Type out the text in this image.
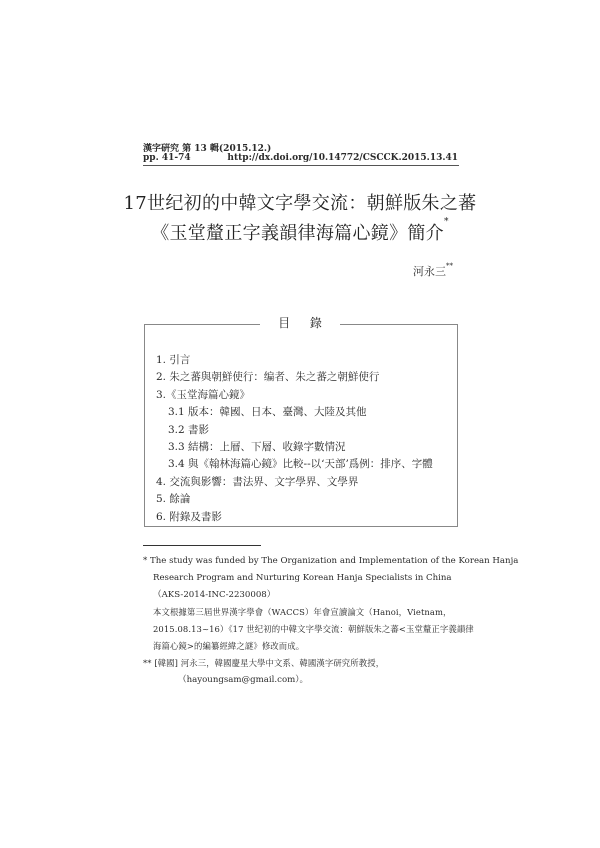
漢字硏究 第 13 輯(2015.12.)
pp. 41-74	http://dx.doi.org/10.14772/CSCCK.2015.13.41
17世纪初的中韓文字學交流：朝鮮版朱之蕃
《玉堂釐正字義韻律海篇心鏡》簡介*
河永三**
目 錄
1. 引言
2. 朱之蕃與朝鮮使行：编者、朱之蕃之朝鮮使行
3.《玉堂海篇心鏡》
3.1 版本：韓國、日本、臺灣、大陸及其他
3.2 書影
3.3 結構：上層、下層、收錄字數情況
3.4 與《翰林海篇心鏡》比較--以‘天部’爲例：排序、字體
4. 交流與影響：書法界、文字學界、文學界
5. 餘論
6. 附錄及書影
* The study was funded by The Organization and Implementation of the Korean Hanja
Research Program and Nurturing Korean Hanja Specialists in China
（AKS-2014-INC-2230008）
本文根據第三屆世界漢字學會（WACCS）年會宣讀論文（Hanoi，Vietnam，
2015.08.13~16）《17 世纪初的中韓文字學交流：朝鮮版朱之蕃<玉堂釐正字義韻律
海篇心鏡>的編纂經緯之謎》修改而成。
** [韓國] 河永三，韓國慶星大學中文系、韓國漢字研究所教授，
（hayoungsam@gmail.com）。
